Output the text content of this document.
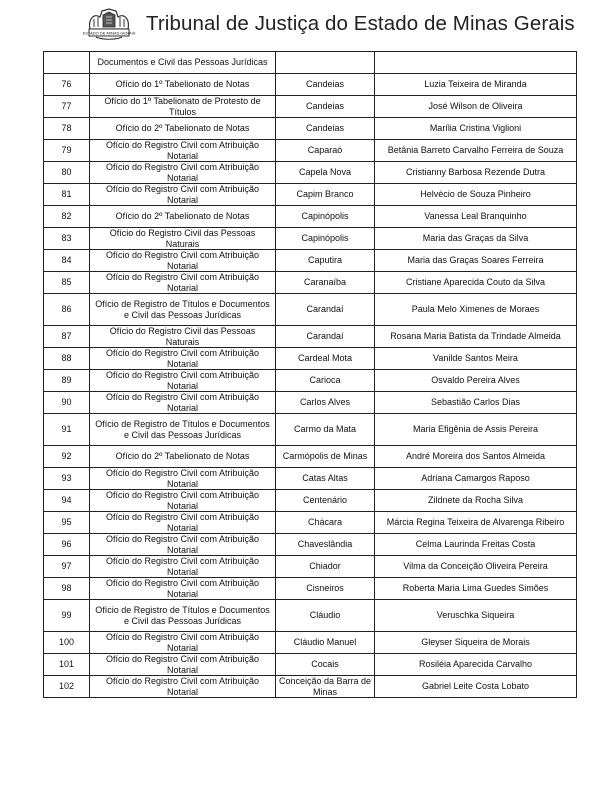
ESTADO DE MINAS GERAIS Tribunal de Justiça do Estado de Minas Gerais
	Documentos e Civil das Pessoas Jurídicas		
76	Ofício do 1º Tabelionato de Notas	Candeias	Luzia Teixeira de Miranda
77	Ofício do 1º Tabelionato de Protesto de Títulos	Candeias	José Wilson de Oliveira
78	Ofício do 2º Tabelionato de Notas	Candeias	Marília Cristina Viglioni
79	Ofício do Registro Civil com Atribuição Notarial	Caparaó	Betânia Barreto Carvalho Ferreira de Souza
80	Ofício do Registro Civil com Atribuição Notarial	Capela Nova	Cristianny Barbosa Rezende Dutra
81	Ofício do Registro Civil com Atribuição Notarial	Capim Branco	Helvécio de Souza Pinheiro
82	Ofício do 2º Tabelionato de Notas	Capinópolis	Vanessa Leal Branquinho
83	Ofício do Registro Civil das Pessoas Naturais	Capinópolis	Maria das Graças da Silva
84	Ofício do Registro Civil com Atribuição Notarial	Caputira	Maria das Graças Soares Ferreira
85	Ofício do Registro Civil com Atribuição Notarial	Caranaíba	Cristiane Aparecida Couto da Silva
86	Ofício de Registro de Títulos e Documentos e Civil das Pessoas Jurídicas	Carandaí	Paula Melo Ximenes de Moraes
87	Ofício do Registro Civil das Pessoas Naturais	Carandaí	Rosana Maria Batista da Trindade Almeida
88	Ofício do Registro Civil com Atribuição Notarial	Cardeal Mota	Vanilde Santos Meira
89	Ofício do Registro Civil com Atribuição Notarial	Carioca	Osvaldo Pereira Alves
90	Ofício do Registro Civil com Atribuição Notarial	Carlos Alves	Sebastião Carlos Dias
91	Ofício de Registro de Títulos e Documentos e Civil das Pessoas Jurídicas	Carmo da Mata	Maria Efigênia de Assis Pereira
92	Ofício do 2º Tabelionato de Notas	Carmópolis de Minas	André Moreira dos Santos Almeida
93	Ofício do Registro Civil com Atribuição Notarial	Catas Altas	Adriana Camargos Raposo
94	Ofício do Registro Civil com Atribuição Notarial	Centenário	Zildnete da Rocha Silva
95	Ofício do Registro Civil com Atribuição Notarial	Chácara	Márcia Regina Teixeira de Alvarenga Ribeiro
96	Ofício do Registro Civil com Atribuição Notarial	Chaveslândia	Celma Laurinda Freitas Costa
97	Ofício do Registro Civil com Atribuição Notarial	Chiador	Vilma da Conceição Oliveira Pereira
98	Ofício do Registro Civil com Atribuição Notarial	Cisneiros	Roberta Maria Lima Guedes Simões
99	Ofício de Registro de Títulos e Documentos e Civil das Pessoas Jurídicas	Cláudio	Veruschka Siqueira
100	Ofício do Registro Civil com Atribuição Notarial	Cláudio Manuel	Gleyser Siqueira de Morais
101	Ofício do Registro Civil com Atribuição Notarial	Cocais	Rosiléia Aparecida Carvalho
102	Ofício do Registro Civil com Atribuição Notarial	Conceição da Barra de Minas	Gabriel Leite Costa Lobato
